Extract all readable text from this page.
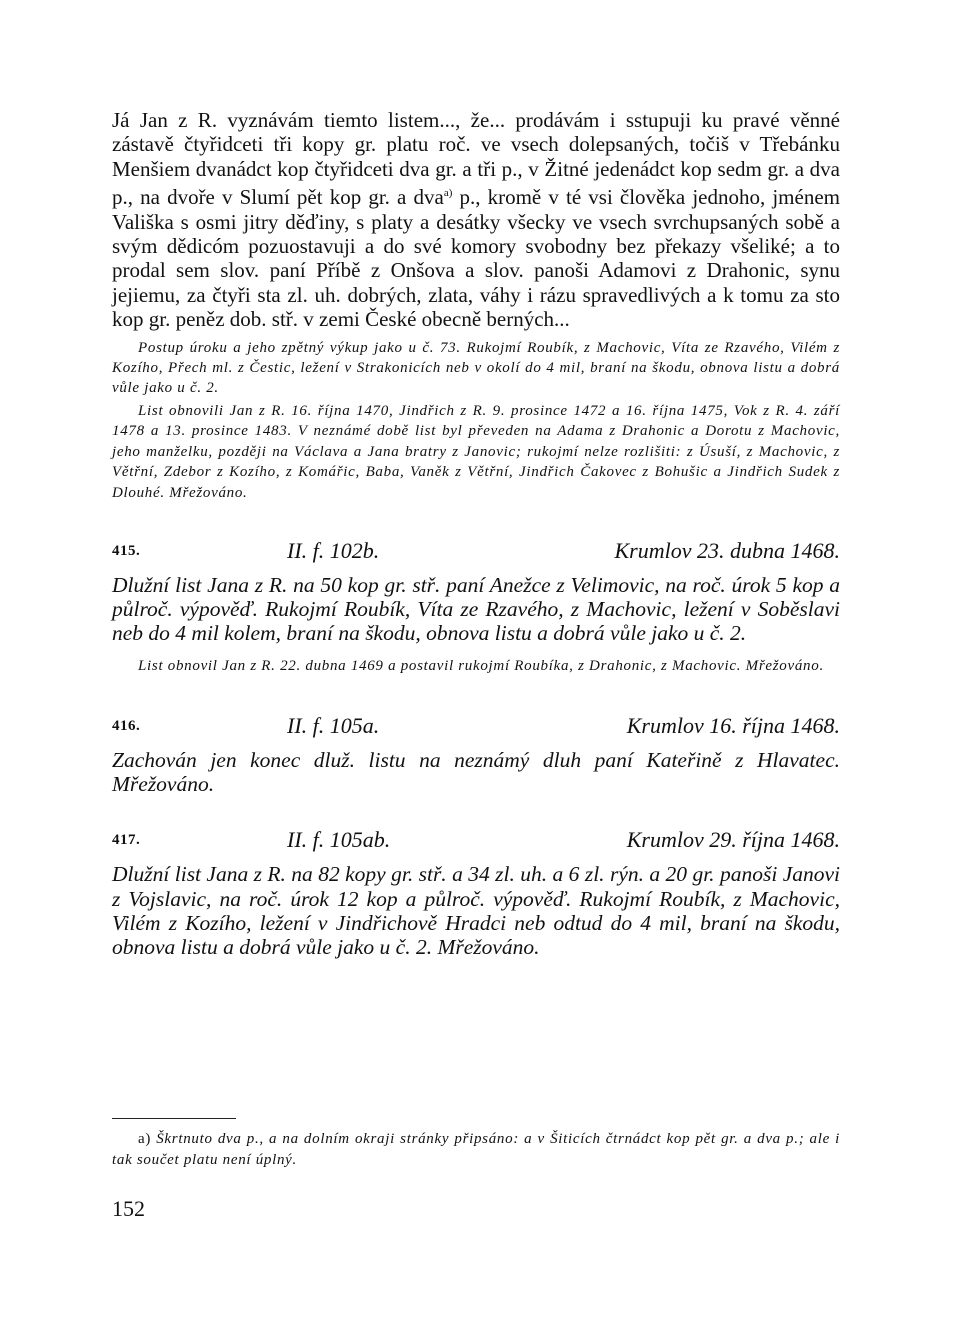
Já Jan z R. vyznávám tiemto listem..., že... prodávám i sstupuji ku pravé věnné zástavě čtyřidceti tři kopy gr. platu roč. ve vsech dolepsaných, točiš v Třebánku Menšiem dvanádct kop čtyřidceti dva gr. a tři p., v Žitné jedenádct kop sedm gr. a dva p., na dvoře v Slumí pět kop gr. a dva$^{a)}$ p., kromě v té vsi člověka jednoho, jménem Vališka s osmi jitry děďiny, s platy a desátky všecky ve vsech svrchupsaných sobě a svým dědicóm pozuostavuji a do své komory svobodny bez překazy všeliké; a to prodal sem slov. paní Příbě z Onšova a slov. panoši Adamovi z Drahonic, synu jejiemu, za čtyři sta zl. uh. dobrých, zlata, váhy i rázu spravedlivých a k tomu za sto kop gr. peněz dob. stř. v zemi České obecně berných...

Postup úroku a jeho zpětný výkup jako u č. 73. Rukojmí Roubík, z Machovic, Víta ze Rzavého, Vilém z Kozího, Přech ml. z Čestic, ležení v Strakonicích neb v okolí do 4 mil, braní na škodu, obnova listu a dobrá vůle jako u č. 2.

List obnovili Jan z R. 16. října 1470, Jindřich z R. 9. prosince 1472 a 16. října 1475, Vok z R. 4. září 1478 a 13. prosince 1483. V neznámé době list byl převeden na Adama z Drahonic a Dorotu z Machovic, jeho manželku, později na Václava a Jana bratry z Janovic; rukojmí nelze rozlišiti: z Úsuší, z Machovic, z Větřní, Zdebor z Kozího, z Komářic, Baba, Vaněk z Větřní, Jindřich Čakovec z Bohušic a Jindřich Sudek z Dlouhé. Mřežováno.

415.	II. f. 102b.	Krumlov 23. dubna 1468.

Dlužní list Jana z R. na 50 kop gr. stř. paní Anežce z Velimovic, na roč. úrok 5 kop a půlroč. výpověď. Rukojmí Roubík, Víta ze Rzavého, z Machovic, ležení v Soběslavi neb do 4 mil kolem, braní na škodu, obnova listu a dobrá vůle jako u č. 2.

List obnovil Jan z R. 22. dubna 1469 a postavil rukojmí Roubíka, z Drahonic, z Machovic. Mřežováno.

416.	II. f. 105a.	Krumlov 16. října 1468.

Zachován jen konec dluž. listu na neznámý dluh paní Kateřině z Hlavatec. Mřežováno.

417.	II. f. 105ab.	Krumlov 29. října 1468.

Dlužní list Jana z R. na 82 kopy gr. stř. a 34 zl. uh. a 6 zl. rýn. a 20 gr. panoši Janovi z Vojslavic, na roč. úrok 12 kop a půlroč. výpověď. Rukojmí Roubík, z Machovic, Vilém z Kozího, ležení v Jindřichově Hradci neb odtud do 4 mil, braní na škodu, obnova listu a dobrá vůle jako u č. 2. Mřežováno.

a) Škrtnuto dva p., a na dolním okraji stránky připsáno: a v Šiticích čtrnádct kop pět gr. a dva p.; ale i tak součet platu není úplný.

152
